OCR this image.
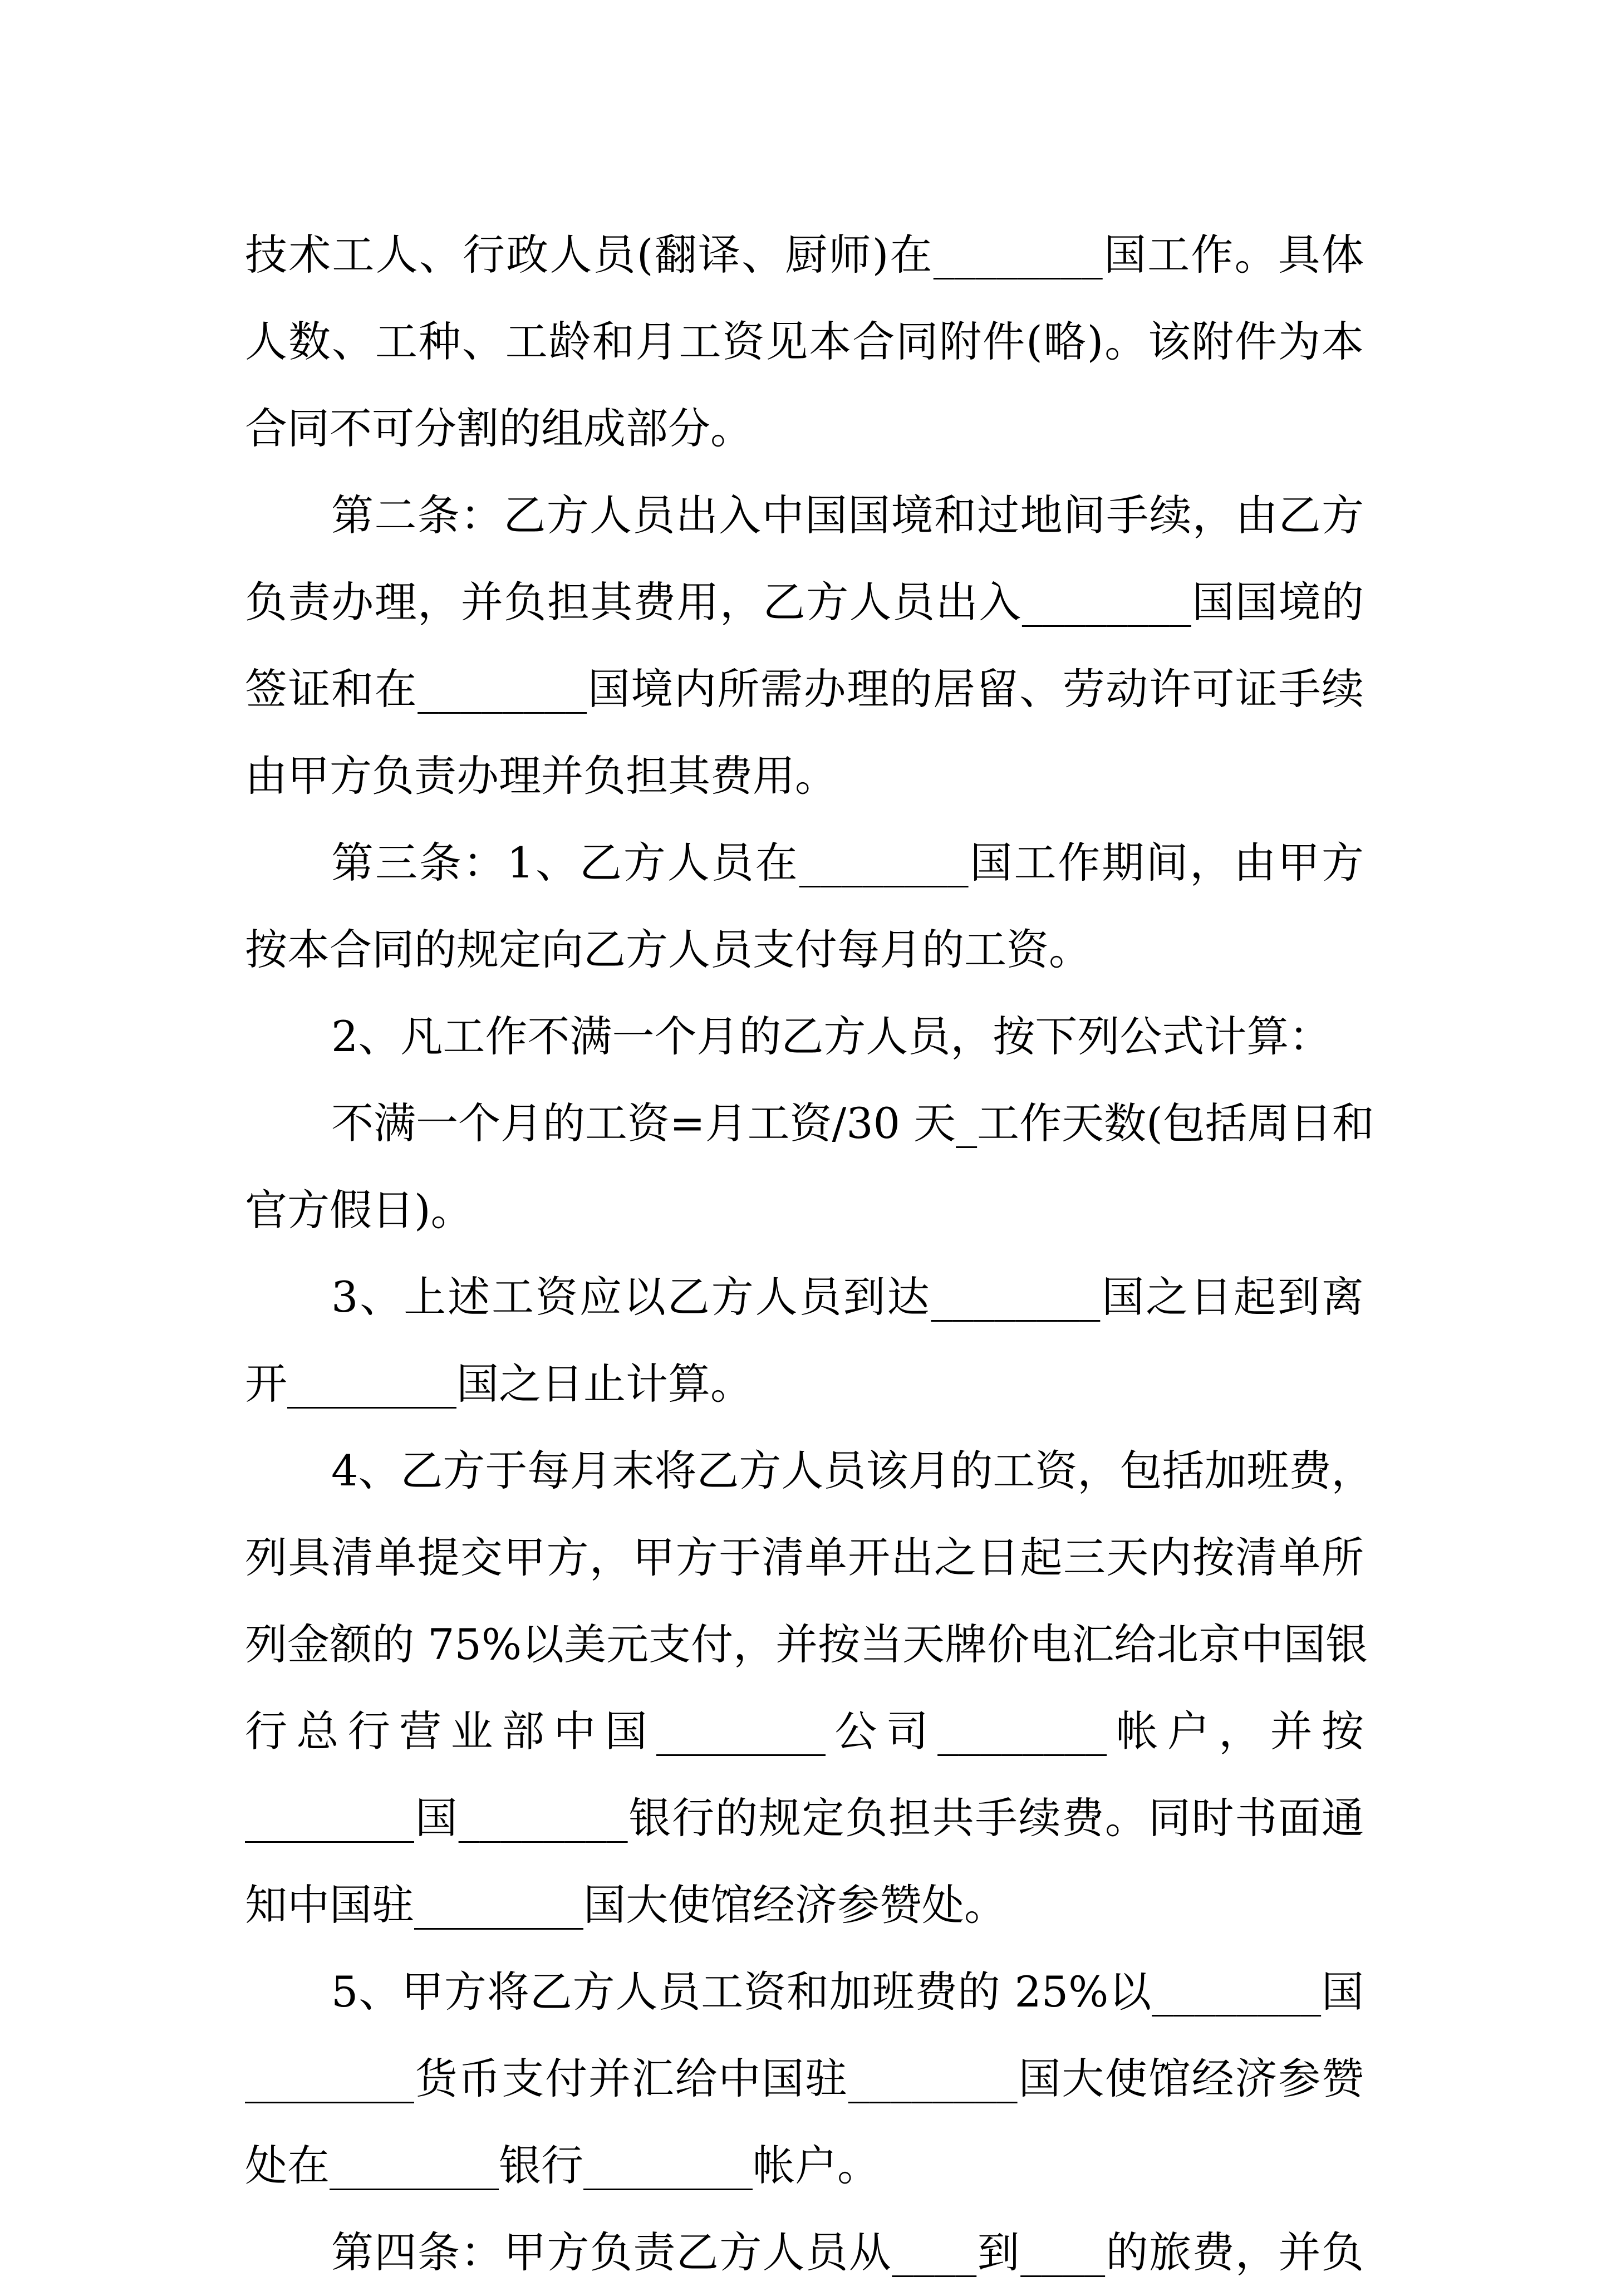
技术工人、行政人员(翻译、厨师)在________国工作。具体
人数、工种、工龄和月工资见本合同附件(略)。该附件为本
合同不可分割的组成部分。
第二条：乙方人员出入中国国境和过地间手续，由乙方
负责办理，并负担其费用，乙方人员出入________国国境的
签证和在________国境内所需办理的居留、劳动许可证手续
由甲方负责办理并负担其费用。
第三条：1、乙方人员在________国工作期间，由甲方
按本合同的规定向乙方人员支付每月的工资。
2、凡工作不满一个月的乙方人员，按下列公式计算：
不满一个月的工资=月工资/30 天_工作天数(包括周日和
官方假日)。
3、上述工资应以乙方人员到达________国之日起到离
开________国之日止计算。
4、乙方于每月末将乙方人员该月的工资，包括加班费，
列具清单提交甲方，甲方于清单开出之日起三天内按清单所
列金额的 75%以美元支付，并按当天牌价电汇给北京中国银
行总行营业部中国________公司________帐户，并按
________国________银行的规定负担共手续费。同时书面通
知中国驻________国大使馆经济参赞处。
5、甲方将乙方人员工资和加班费的 25%以________国
________货币支付并汇给中国驻________国大使馆经济参赞
处在________银行________帐户。
第四条：甲方负责乙方人员从____到____的旅费，并负
